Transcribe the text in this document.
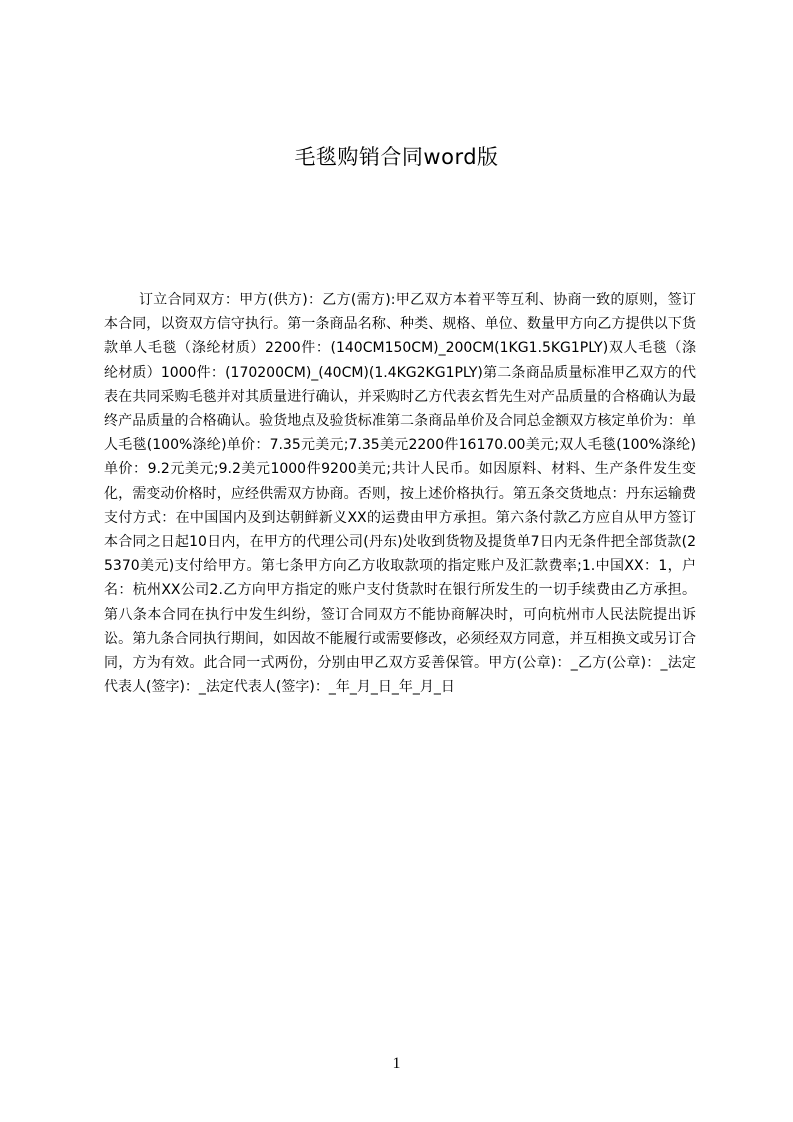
毛毯购销合同word版

订立合同双方：甲方(供方)：乙方(需方):甲乙双方本着平等互利、协商一致的原则，签订本合同，以资双方信守执行。第一条商品名称、种类、规格、单位、数量甲方向乙方提供以下货款单人毛毯（涤纶材质）2200件：(140CM150CM)_200CM(1KG1.5KG1PLY)双人毛毯（涤纶材质）1000件：(170200CM)_(40CM)(1.4KG2KG1PLY)第二条商品质量标准甲乙双方的代表在共同采购毛毯并对其质量进行确认，并采购时乙方代表玄哲先生对产品质量的合格确认为最终产品质量的合格确认。验货地点及验货标准第二条商品单价及合同总金额双方核定单价为：单人毛毯(100%涤纶)单价：7.35元美元;7.35美元2200件16170.00美元;双人毛毯(100%涤纶)单价：9.2元美元;9.2美元1000件9200美元;共计人民币。如因原料、材料、生产条件发生变化，需变动价格时，应经供需双方协商。否则，按上述价格执行。第五条交货地点：丹东运输费支付方式：在中国国内及到达朝鲜新义XX的运费由甲方承担。第六条付款乙方应自从甲方签订本合同之日起10日内，在甲方的代理公司(丹东)处收到货物及提货单7日内无条件把全部货款(25370美元)支付给甲方。第七条甲方向乙方收取款项的指定账户及汇款费率;1.中国XX：1，户名：杭州XX公司2.乙方向甲方指定的账户支付货款时在银行所发生的一切手续费由乙方承担。第八条本合同在执行中发生纠纷，签订合同双方不能协商解决时，可向杭州市人民法院提出诉讼。第九条合同执行期间，如因故不能履行或需要修改，必须经双方同意，并互相换文或另订合同，方为有效。此合同一式两份，分别由甲乙双方妥善保管。甲方(公章)：_乙方(公章)：_法定代表人(签字)：_法定代表人(签字)：_年_月_日_年_月_日

1
